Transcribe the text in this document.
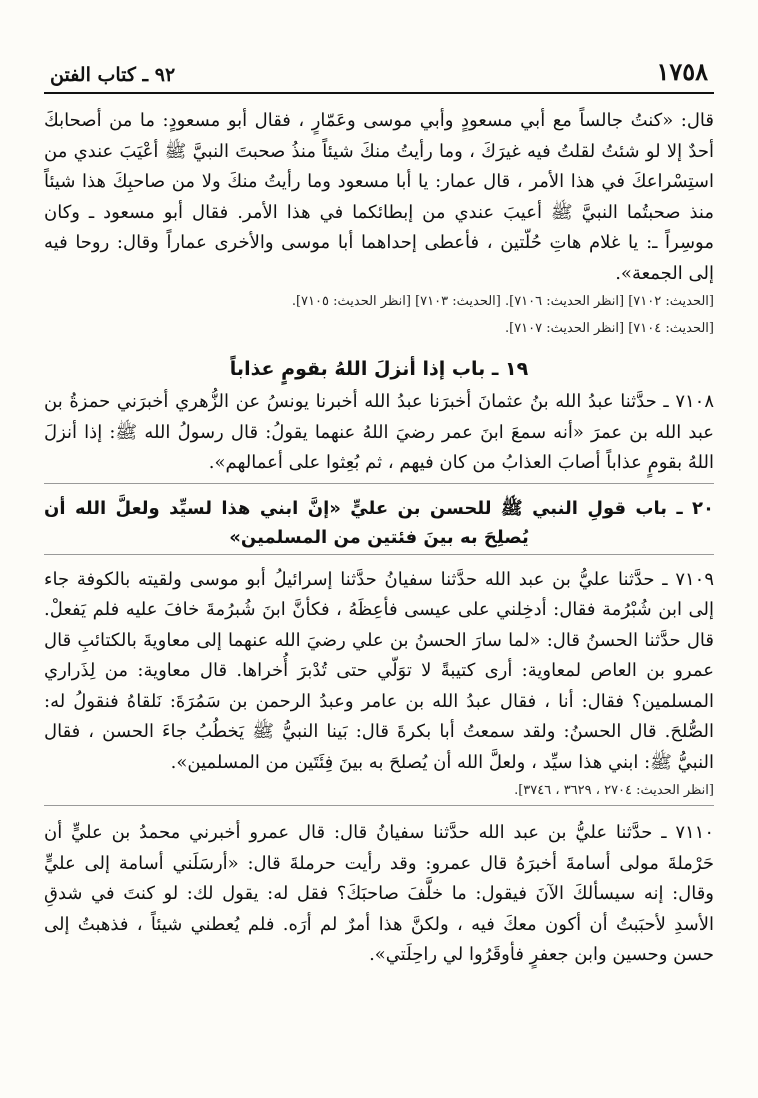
١٧٥٨
٩٢ ـ كتاب الفتن

قال: «كنتُ جالساً مع أبي مسعودٍ وأبي موسى وعَمّارٍ ، فقال أبو مسعودٍ: ما من أصحابكَ أحدٌ إلا لو شئتُ لقلتُ فيه غيرَكَ ، وما رأيتُ منكَ شيئاً منذُ صحبتَ النبيَّ ﷺ أعْيَبَ عندي من استِسْراعكَ في هذا الأمر ، قال عمار: يا أبا مسعود وما رأيتُ منكَ ولا من صاحبِكَ هذا شيئاً منذ صحبتُما النبيَّ ﷺ أعيبَ عندي من إبطائكما في هذا الأمر. فقال أبو مسعود ـ وكان موسِراً ـ: يا غلام هاتِ حُلّتين ، فأعطى إحداهما أبا موسى والأخرى عماراً وقال: روحا فيه إلى الجمعة».

[الحديث: ٧١٠٢] [انظر الحديث: ٧١٠٦]. [الحديث: ٧١٠٣] [انظر الحديث: ٧١٠٥].

[الحديث: ٧١٠٤] [انظر الحديث: ٧١٠٧].

١٩ ـ باب إذا أنزلَ اللهُ بقومٍ عذاباً

٧١٠٨ ـ حدَّثنا عبدُ الله بنُ عثمانَ أخبرَنا عبدُ الله أخبرنا يونسُ عن الزُّهري أخبرَني حمزةُ بن عبد الله بن عمرَ «أنه سمعَ ابنَ عمر رضيَ اللهُ عنهما يقولُ: قال رسولُ الله ﷺ: إذا أنزلَ اللهُ بقومٍ عذاباً أصابَ العذابُ من كان فيهم ، ثم بُعِثوا على أعمالهم».

٢٠ ـ باب قولِ النبي ﷺ للحسن بن عليٍّ «إنَّ ابني هذا لسيِّد ولعلَّ الله أن يُصلِحَ به بينَ فئتين من المسلمين»

٧١٠٩ ـ حدَّثنا عليُّ بن عبد الله حدَّثنا سفيانُ حدَّثنا إسرائيلُ أبو موسى ولقيته بالكوفة جاء إلى ابن شُبْرُمة فقال: أدخِلني على عيسى فأعِظَهُ ، فكأنَّ ابنَ شُبرُمةَ خافَ عليه فلم يَفعلْ. قال حدَّثنا الحسنُ قال: «لما سارَ الحسنُ بن علي رضيَ الله عنهما إلى معاويةَ بالكتائبِ قال عمرو بن العاص لمعاوية: أرى كتيبةً لا توَلّي حتى تُدْبرَ أُخراها. قال معاوية: من لِذَراري المسلمين؟ فقال: أنا ، فقال عبدُ الله بن عامر وعبدُ الرحمن بن سَمُرَةَ: نَلقاهُ فنقولُ له: الصُّلحَ. قال الحسنُ: ولقد سمعتُ أبا بكرةَ قال: بَينا النبيُّ ﷺ يَخطُبُ جاءَ الحسن ، فقال النبيُّ ﷺ: ابني هذا سيِّد ، ولعلَّ الله أن يُصلحَ به بينَ فِئَتَين من المسلمين».

[انظر الحديث: ٢٧٠٤ ، ٣٦٢٩ ، ٣٧٤٦].

٧١١٠ ـ حدَّثنا عليُّ بن عبد الله حدَّثنا سفيانُ قال: قال عمرو أخبرني محمدُ بن عليٍّ أن حَرْملةَ مولى أسامةَ أخبرَهُ قال عمرو: وقد رأيت حرملةَ قال: «أرسَلَني أسامة إلى عليٍّ وقال: إنه سيسألكَ الآنَ فيقول: ما خلَّفَ صاحبَكَ؟ فقل له: يقول لك: لو كنتَ في شدقِ الأسدِ لأحبَبتُ أن أكون معكَ فيه ، ولكنَّ هذا أمرٌ لم أرَه. فلم يُعطني شيئاً ، فذهبتُ إلى حسن وحسين وابن جعفرٍ فأوقَرُوا لي راحِلَتي».
